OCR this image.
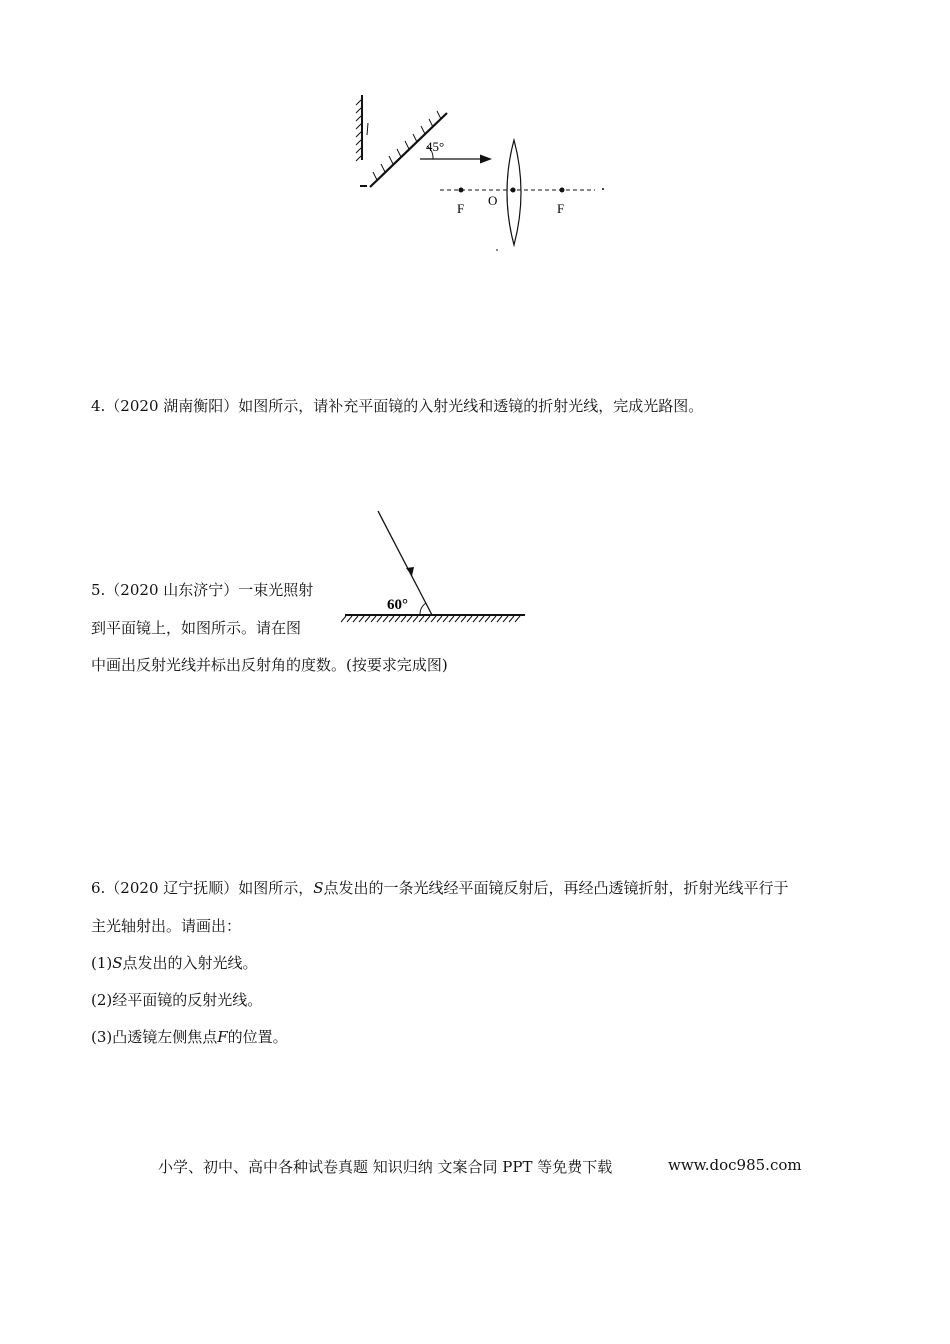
45°
F
O
F
4.（2020 湖南衡阳）如图所示，请补充平面镜的入射光线和透镜的折射光线，完成光路图。
60°
5.（2020 山东济宁）一束光照射
到平面镜上，如图所示。请在图
中画出反射光线并标出反射角的度数。(按要求完成图)
6.（2020 辽宁抚顺）如图所示，S点发出的一条光线经平面镜反射后，再经凸透镜折射，折射光线平行于
主光轴射出。请画出：
(1)S点发出的入射光线。
(2)经平面镜的反射光线。
(3)凸透镜左侧焦点F的位置。
小学、初中、高中各种试卷真题 知识归纳 文案合同 PPT 等免费下载	www.doc985.com
